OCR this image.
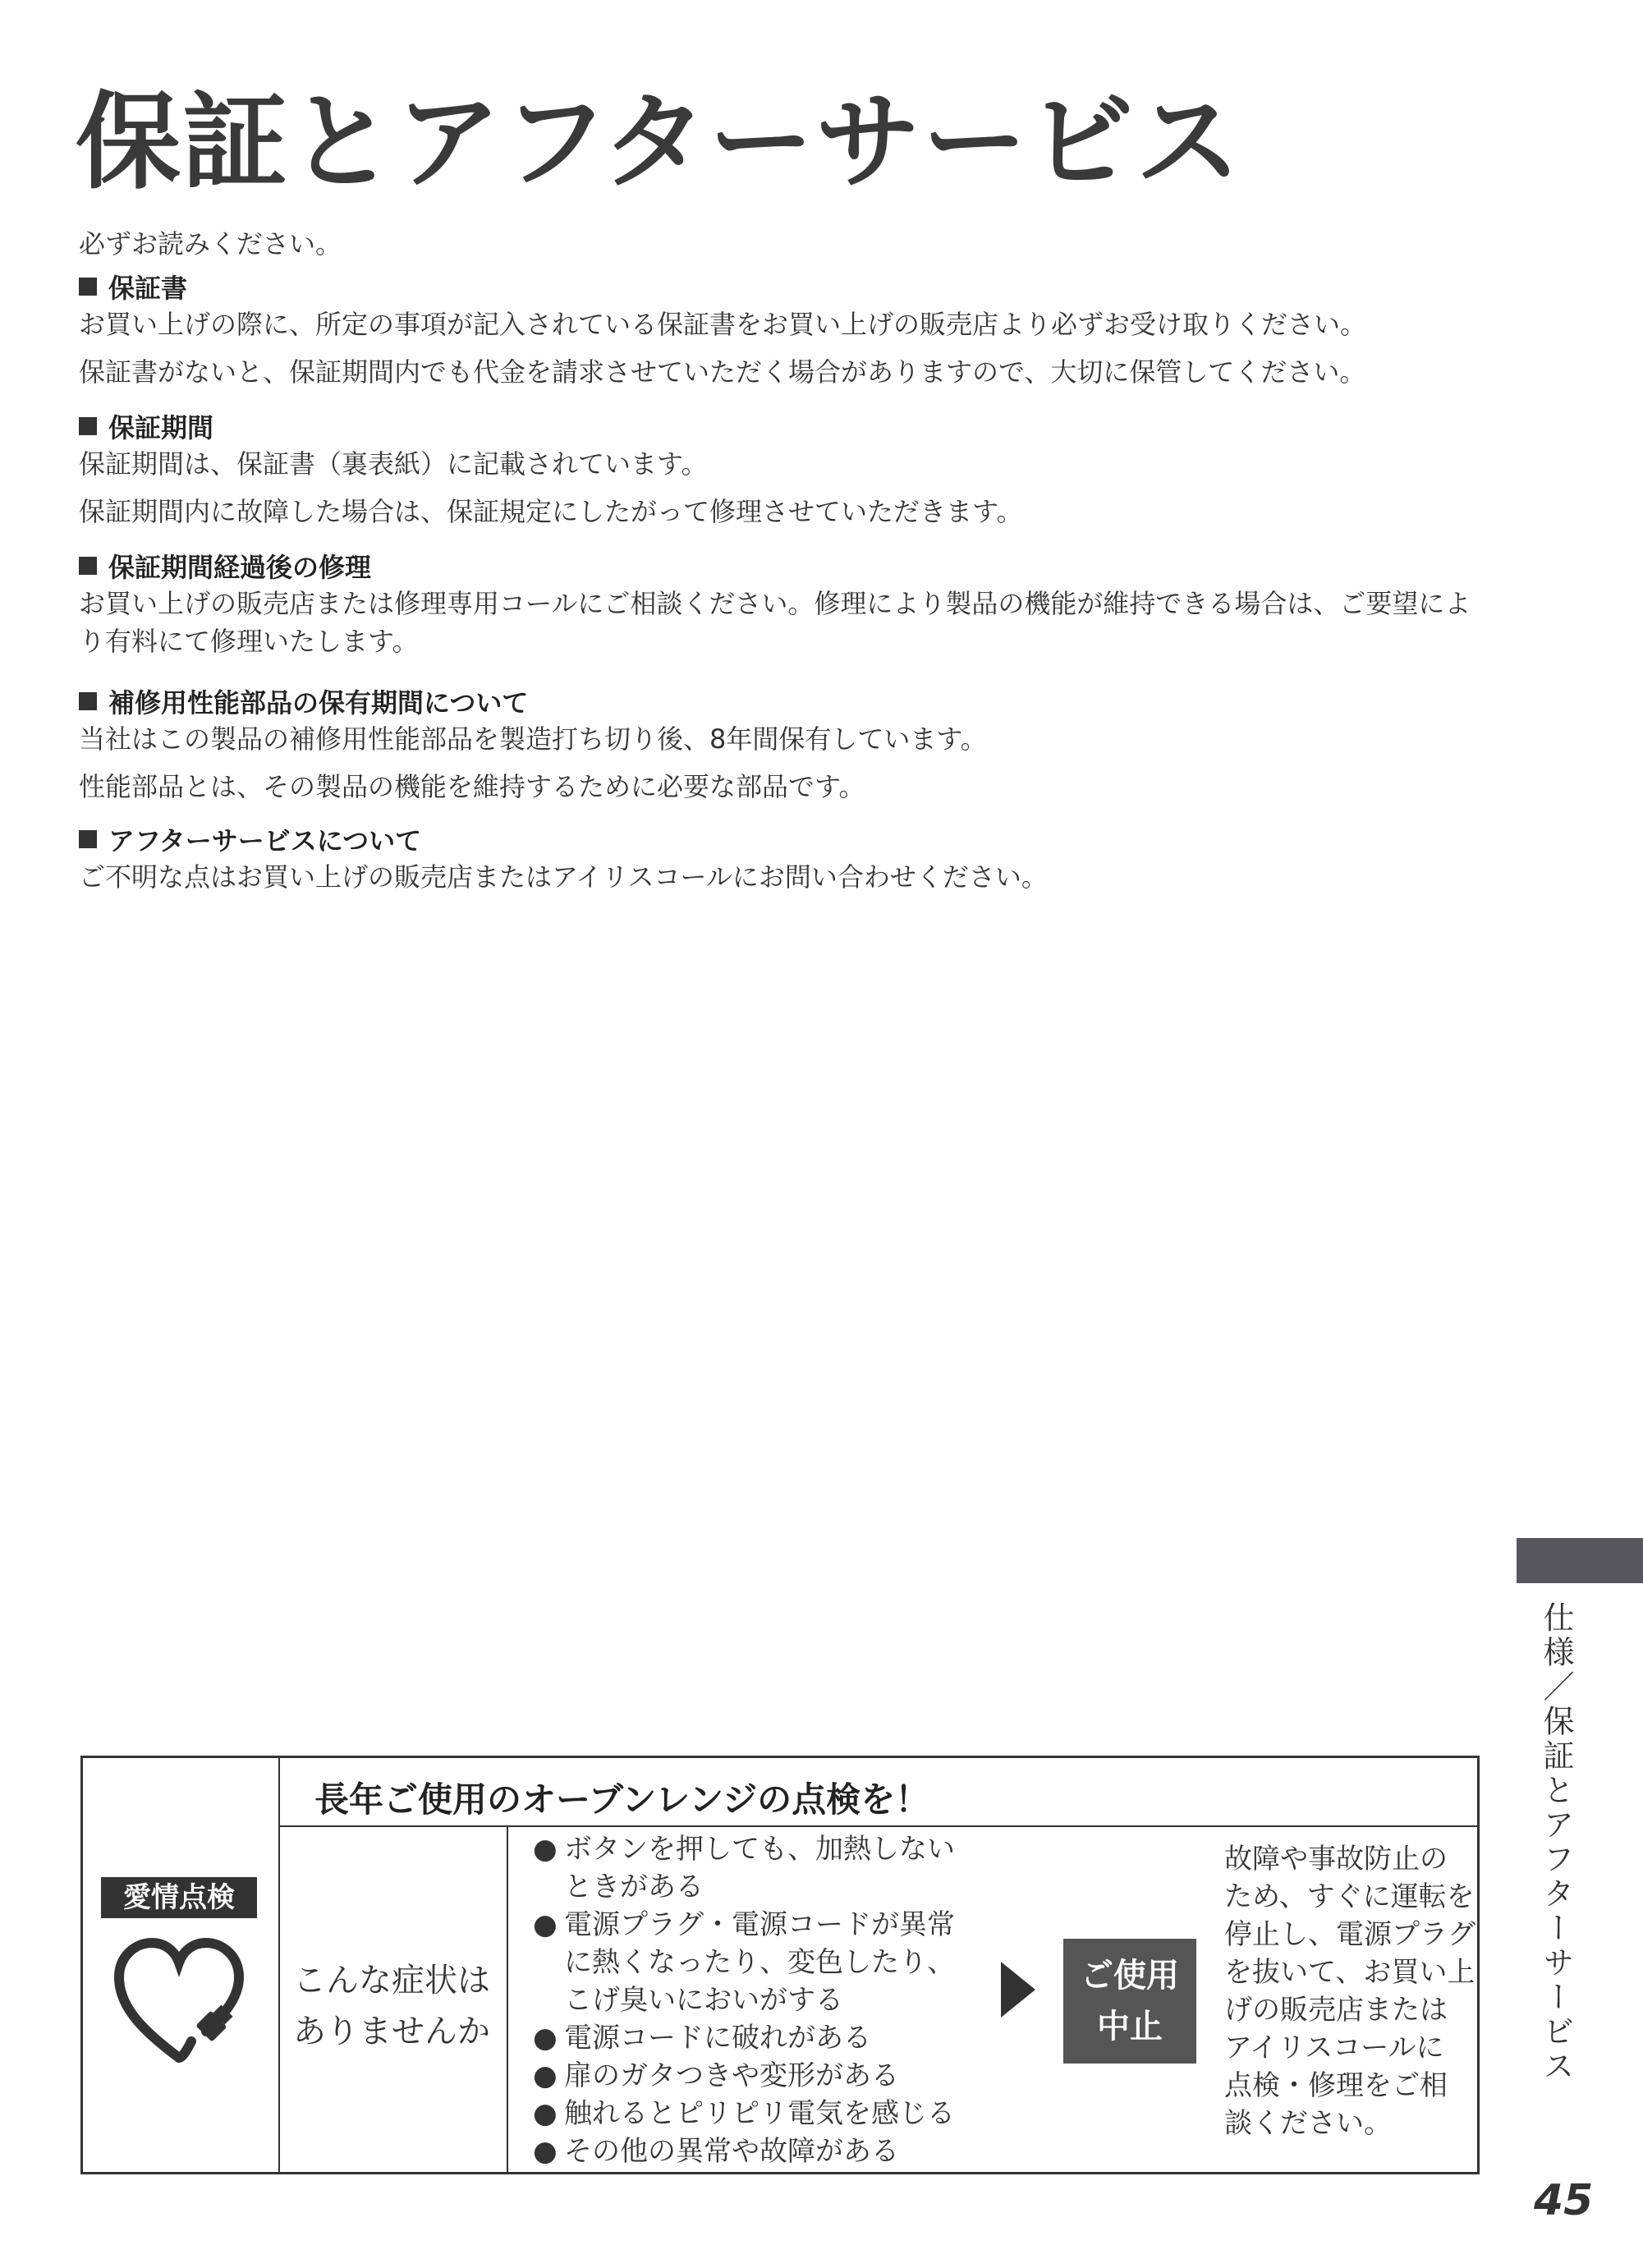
保証とアフターサービス
必ずお読みください。
保証書

お買い上げの際に、所定の事項が記入されている保証書をお買い上げの販売店より必ずお受け取りください。

保証書がないと、保証期間内でも代金を請求させていただく場合がありますので、大切に保管してください。

保証期間

保証期間は、保証書（裏表紙）に記載されています。

保証期間内に故障した場合は、保証規定にしたがって修理させていただきます。

保証期間経過後の修理

お買い上げの販売店または修理専用コールにご相談ください。修理により製品の機能が維持できる場合は、ご要望により有料にて修理いたします。

補修用性能部品の保有期間について

当社はこの製品の補修用性能部品を製造打ち切り後、8年間保有しています。

性能部品とは、その製品の機能を維持するために必要な部品です。

アフターサービスについて

ご不明な点はお買い上げの販売店またはアイリスコールにお問い合わせください。

仕様／保証とアフターサービス
愛情点検
長年ご使用のオーブンレンジの点検を！
こんな症状は
ありませんか
● ボタンを押しても、加熱しない
ときがある
● 電源プラグ・電源コードが異常
に熱くなったり、変色したり、
こげ臭いにおいがする
● 電源コードに破れがある
● 扉のガタつきや変形がある
● 触れるとピリピリ電気を感じる
● その他の異常や故障がある
ご使用
中止
故障や事故防止の
ため、すぐに運転を
停止し、電源プラグ
を抜いて、お買い上
げの販売店または
アイリスコールに
点検・修理をご相
談ください。
45
